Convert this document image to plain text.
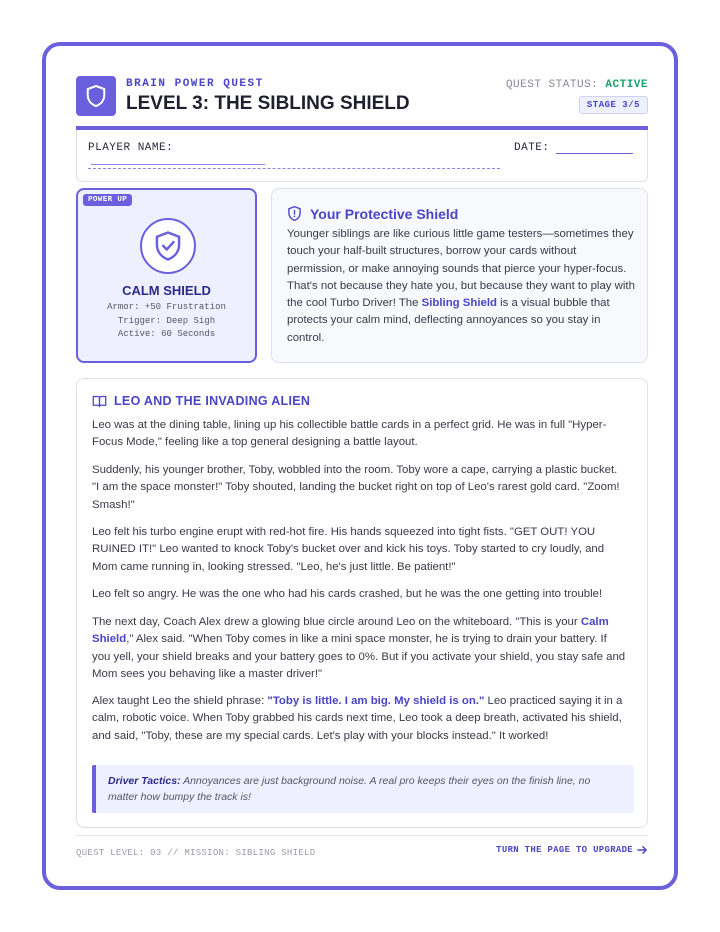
BRAIN POWER QUEST
LEVEL 3: THE SIBLING SHIELD
QUEST STATUS: ACTIVE
STAGE 3/5
PLAYER NAME:	DATE:
POWER UP
CALM SHIELD
Armor: +50 Frustration
Trigger: Deep Sigh
Active: 60 Seconds
Your Protective Shield
Younger siblings are like curious little game testers—sometimes they touch your half-built structures, borrow your cards without permission, or make annoying sounds that pierce your hyper-focus. That's not because they hate you, but because they want to play with the cool Turbo Driver! The Sibling Shield is a visual bubble that protects your calm mind, deflecting annoyances so you stay in control.
LEO AND THE INVADING ALIEN
Leo was at the dining table, lining up his collectible battle cards in a perfect grid. He was in full "Hyper-Focus Mode," feeling like a top general designing a battle layout.
Suddenly, his younger brother, Toby, wobbled into the room. Toby wore a cape, carrying a plastic bucket. "I am the space monster!" Toby shouted, landing the bucket right on top of Leo's rarest gold card. "Zoom! Smash!"
Leo felt his turbo engine erupt with red-hot fire. His hands squeezed into tight fists. "GET OUT! YOU RUINED IT!" Leo wanted to knock Toby's bucket over and kick his toys. Toby started to cry loudly, and Mom came running in, looking stressed. "Leo, he's just little. Be patient!"
Leo felt so angry. He was the one who had his cards crashed, but he was the one getting into trouble!
The next day, Coach Alex drew a glowing blue circle around Leo on the whiteboard. "This is your Calm Shield," Alex said. "When Toby comes in like a mini space monster, he is trying to drain your battery. If you yell, your shield breaks and your battery goes to 0%. But if you activate your shield, you stay safe and Mom sees you behaving like a master driver!"
Alex taught Leo the shield phrase: "Toby is little. I am big. My shield is on." Leo practiced saying it in a calm, robotic voice. When Toby grabbed his cards next time, Leo took a deep breath, activated his shield, and said, "Toby, these are my special cards. Let's play with your blocks instead." It worked!
Driver Tactics: Annoyances are just background noise. A real pro keeps their eyes on the finish line, no matter how bumpy the track is!
QUEST LEVEL: 03 // MISSION: SIBLING SHIELD	TURN THE PAGE TO UPGRADE
